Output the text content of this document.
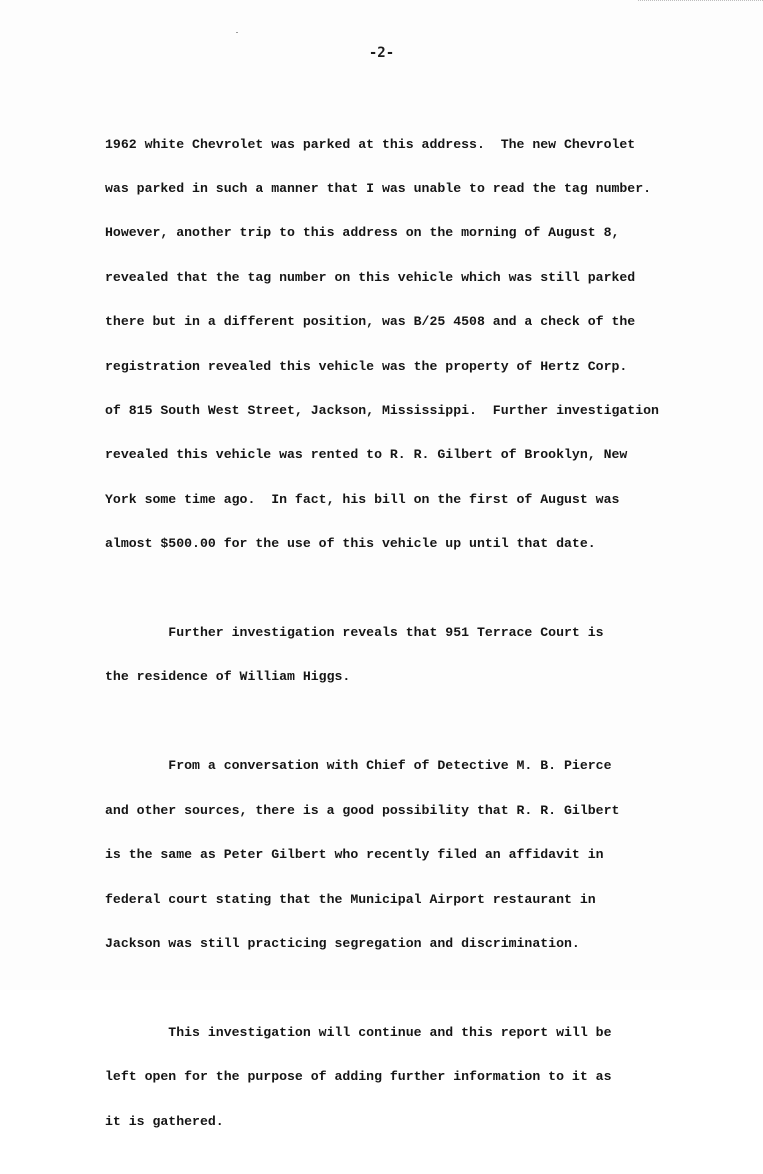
-2-

1962 white Chevrolet was parked at this address.  The new Chevrolet

was parked in such a manner that I was unable to read the tag number.

However, another trip to this address on the morning of August 8,

revealed that the tag number on this vehicle which was still parked

there but in a different position, was B/25 4508 and a check of the

registration revealed this vehicle was the property of Hertz Corp.

of 815 South West Street, Jackson, Mississippi.  Further investigation

revealed this vehicle was rented to R. R. Gilbert of Brooklyn, New

York some time ago.  In fact, his bill on the first of August was

almost $500.00 for the use of this vehicle up until that date.

Further investigation reveals that 951 Terrace Court is

the residence of William Higgs.

From a conversation with Chief of Detective M. B. Pierce

and other sources, there is a good possibility that R. R. Gilbert

is the same as Peter Gilbert who recently filed an affidavit in

federal court stating that the Municipal Airport restaurant in

Jackson was still practicing segregation and discrimination.

This investigation will continue and this report will be

left open for the purpose of adding further information to it as

it is gathered.
